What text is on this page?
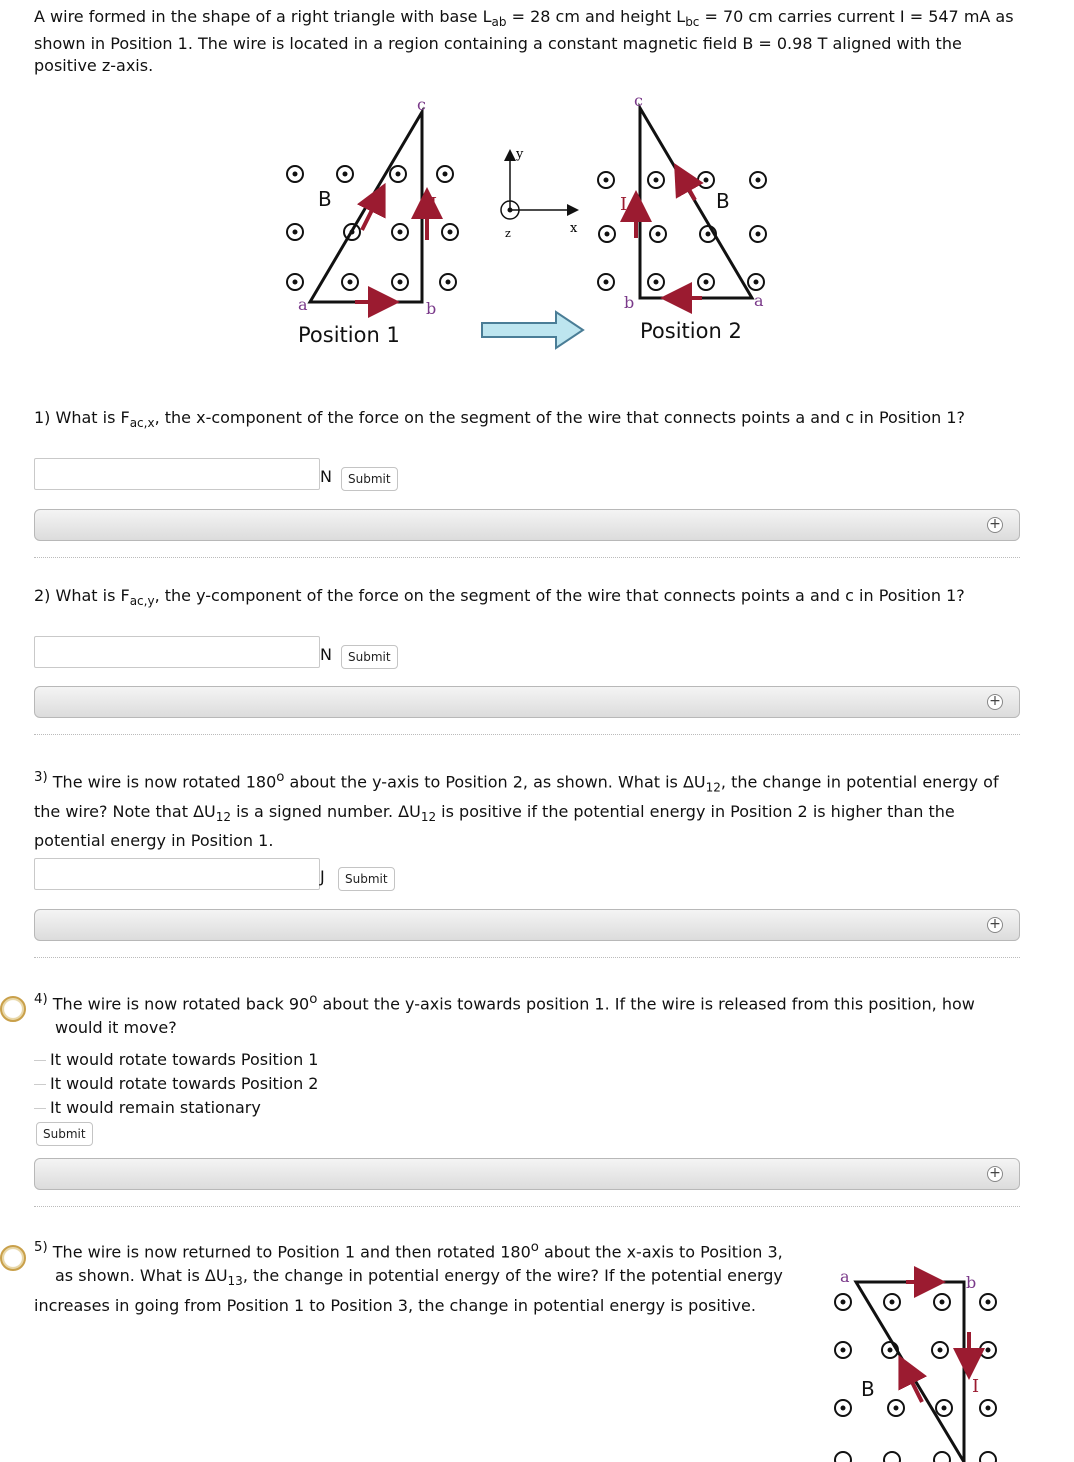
A wire formed in the shape of a right triangle with base $L_{ab} = 28$ cm and height $L_{bc} = 70$ cm carries current I = 547 mA as
shown in Position 1. The wire is located in a region containing a constant magnetic field B = 0.98 T aligned with the
positive z-axis.
a	b
c
B	I
Position 1
y
x
z
a
b
c
B
I
Position 2
1) What is $F_{ac,x}$, the x-component of the force on the segment of the wire that connects points a and c in Position 1?
N	Submit
+
2) What is $F_{ac,y}$, the y-component of the force on the segment of the wire that connects points a and c in Position 1?
N	Submit
+
$^{3)}$ The wire is now rotated 180$^o$ about the y-axis to Position 2, as shown. What is $\Delta U_{12}$, the change in potential energy of
the wire? Note that $\Delta U_{12}$ is a signed number. $\Delta U_{12}$ is positive if the potential energy in Position 2 is higher than the
potential energy in Position 1.
J	Submit
+
$^{4)}$ The wire is now rotated back 90$^o$ about the y-axis towards position 1. If the wire is released from this position, how
would it move?
It would rotate towards Position 1
It would rotate towards Position 2
It would remain stationary
Submit
+
$^{5)}$ The wire is now returned to Position 1 and then rotated 180$^o$ about the x-axis to Position 3,
as shown. What is $\Delta U_{13}$, the change in potential energy of the wire? If the potential energy
increases in going from Position 1 to Position 3, the change in potential energy is positive.
a	b
B	I
